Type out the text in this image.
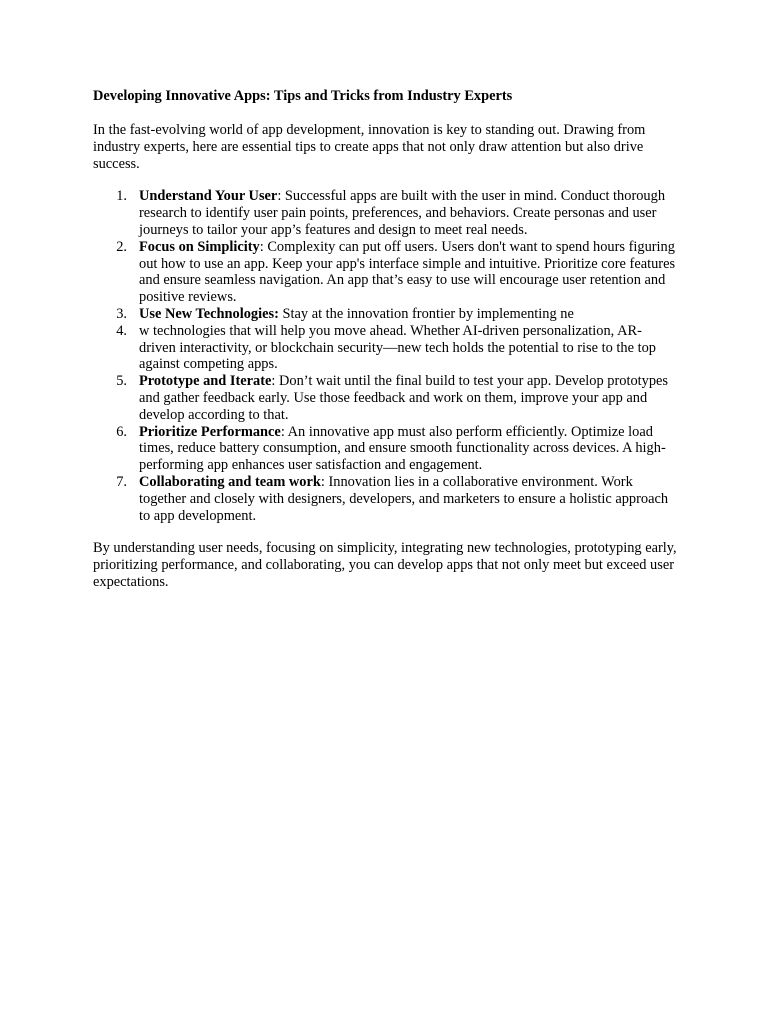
Developing Innovative Apps: Tips and Tricks from Industry Experts

In the fast-evolving world of app development, innovation is key to standing out. Drawing from industry experts, here are essential tips to create apps that not only draw attention but also drive success.

1. Understand Your User: Successful apps are built with the user in mind. Conduct thorough research to identify user pain points, preferences, and behaviors. Create personas and user journeys to tailor your app’s features and design to meet real needs.
2. Focus on Simplicity: Complexity can put off users. Users don't want to spend hours figuring out how to use an app. Keep your app's interface simple and intuitive. Prioritize core features and ensure seamless navigation. An app that’s easy to use will encourage user retention and positive reviews.
3. Use New Technologies: Stay at the innovation frontier by implementing ne
4. w technologies that will help you move ahead. Whether AI-driven personalization, AR-driven interactivity, or blockchain security—new tech holds the potential to rise to the top against competing apps.
5. Prototype and Iterate: Don’t wait until the final build to test your app. Develop prototypes and gather feedback early. Use those feedback and work on them, improve your app and develop according to that.
6. Prioritize Performance: An innovative app must also perform efficiently. Optimize load times, reduce battery consumption, and ensure smooth functionality across devices. A high-performing app enhances user satisfaction and engagement.
7. Collaborating and team work: Innovation lies in a collaborative environment. Work together and closely with designers, developers, and marketers to ensure a holistic approach to app development.

By understanding user needs, focusing on simplicity, integrating new technologies, prototyping early, prioritizing performance, and collaborating, you can develop apps that not only meet but exceed user expectations.
